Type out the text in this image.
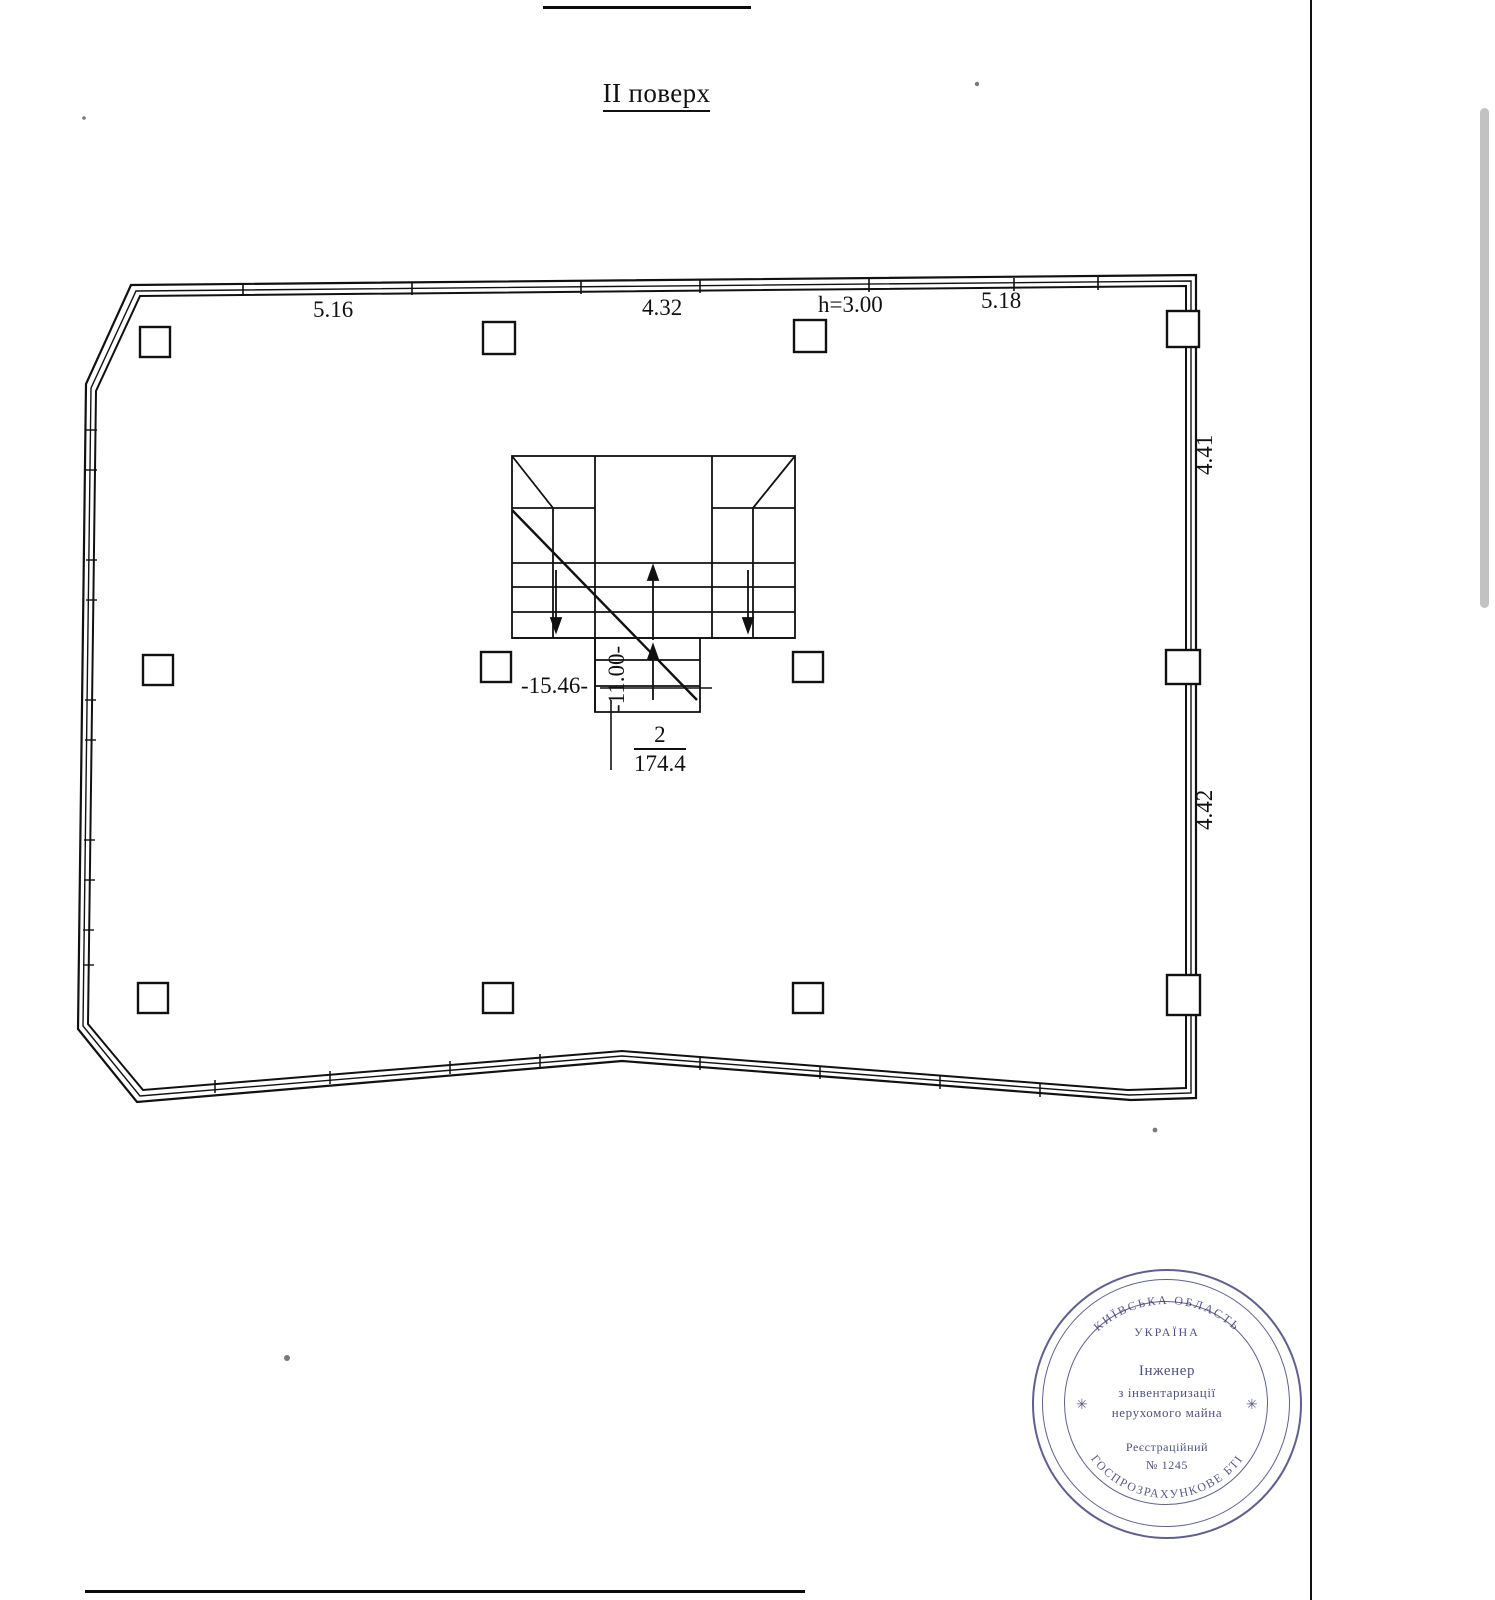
II поверх
5.16	4.32	h=3.00	5.18
4.41
4.42
-15.46- -11.00-
2
174.4
КИЇВСЬКА ОБЛАСТЬ
ГОСПРОЗРАХУНКОВЕ БТІ
✳	✳
УКРАЇНА
Інженер
з інвентаризації
нерухомого майна
Реєстраційний
№ 1245
